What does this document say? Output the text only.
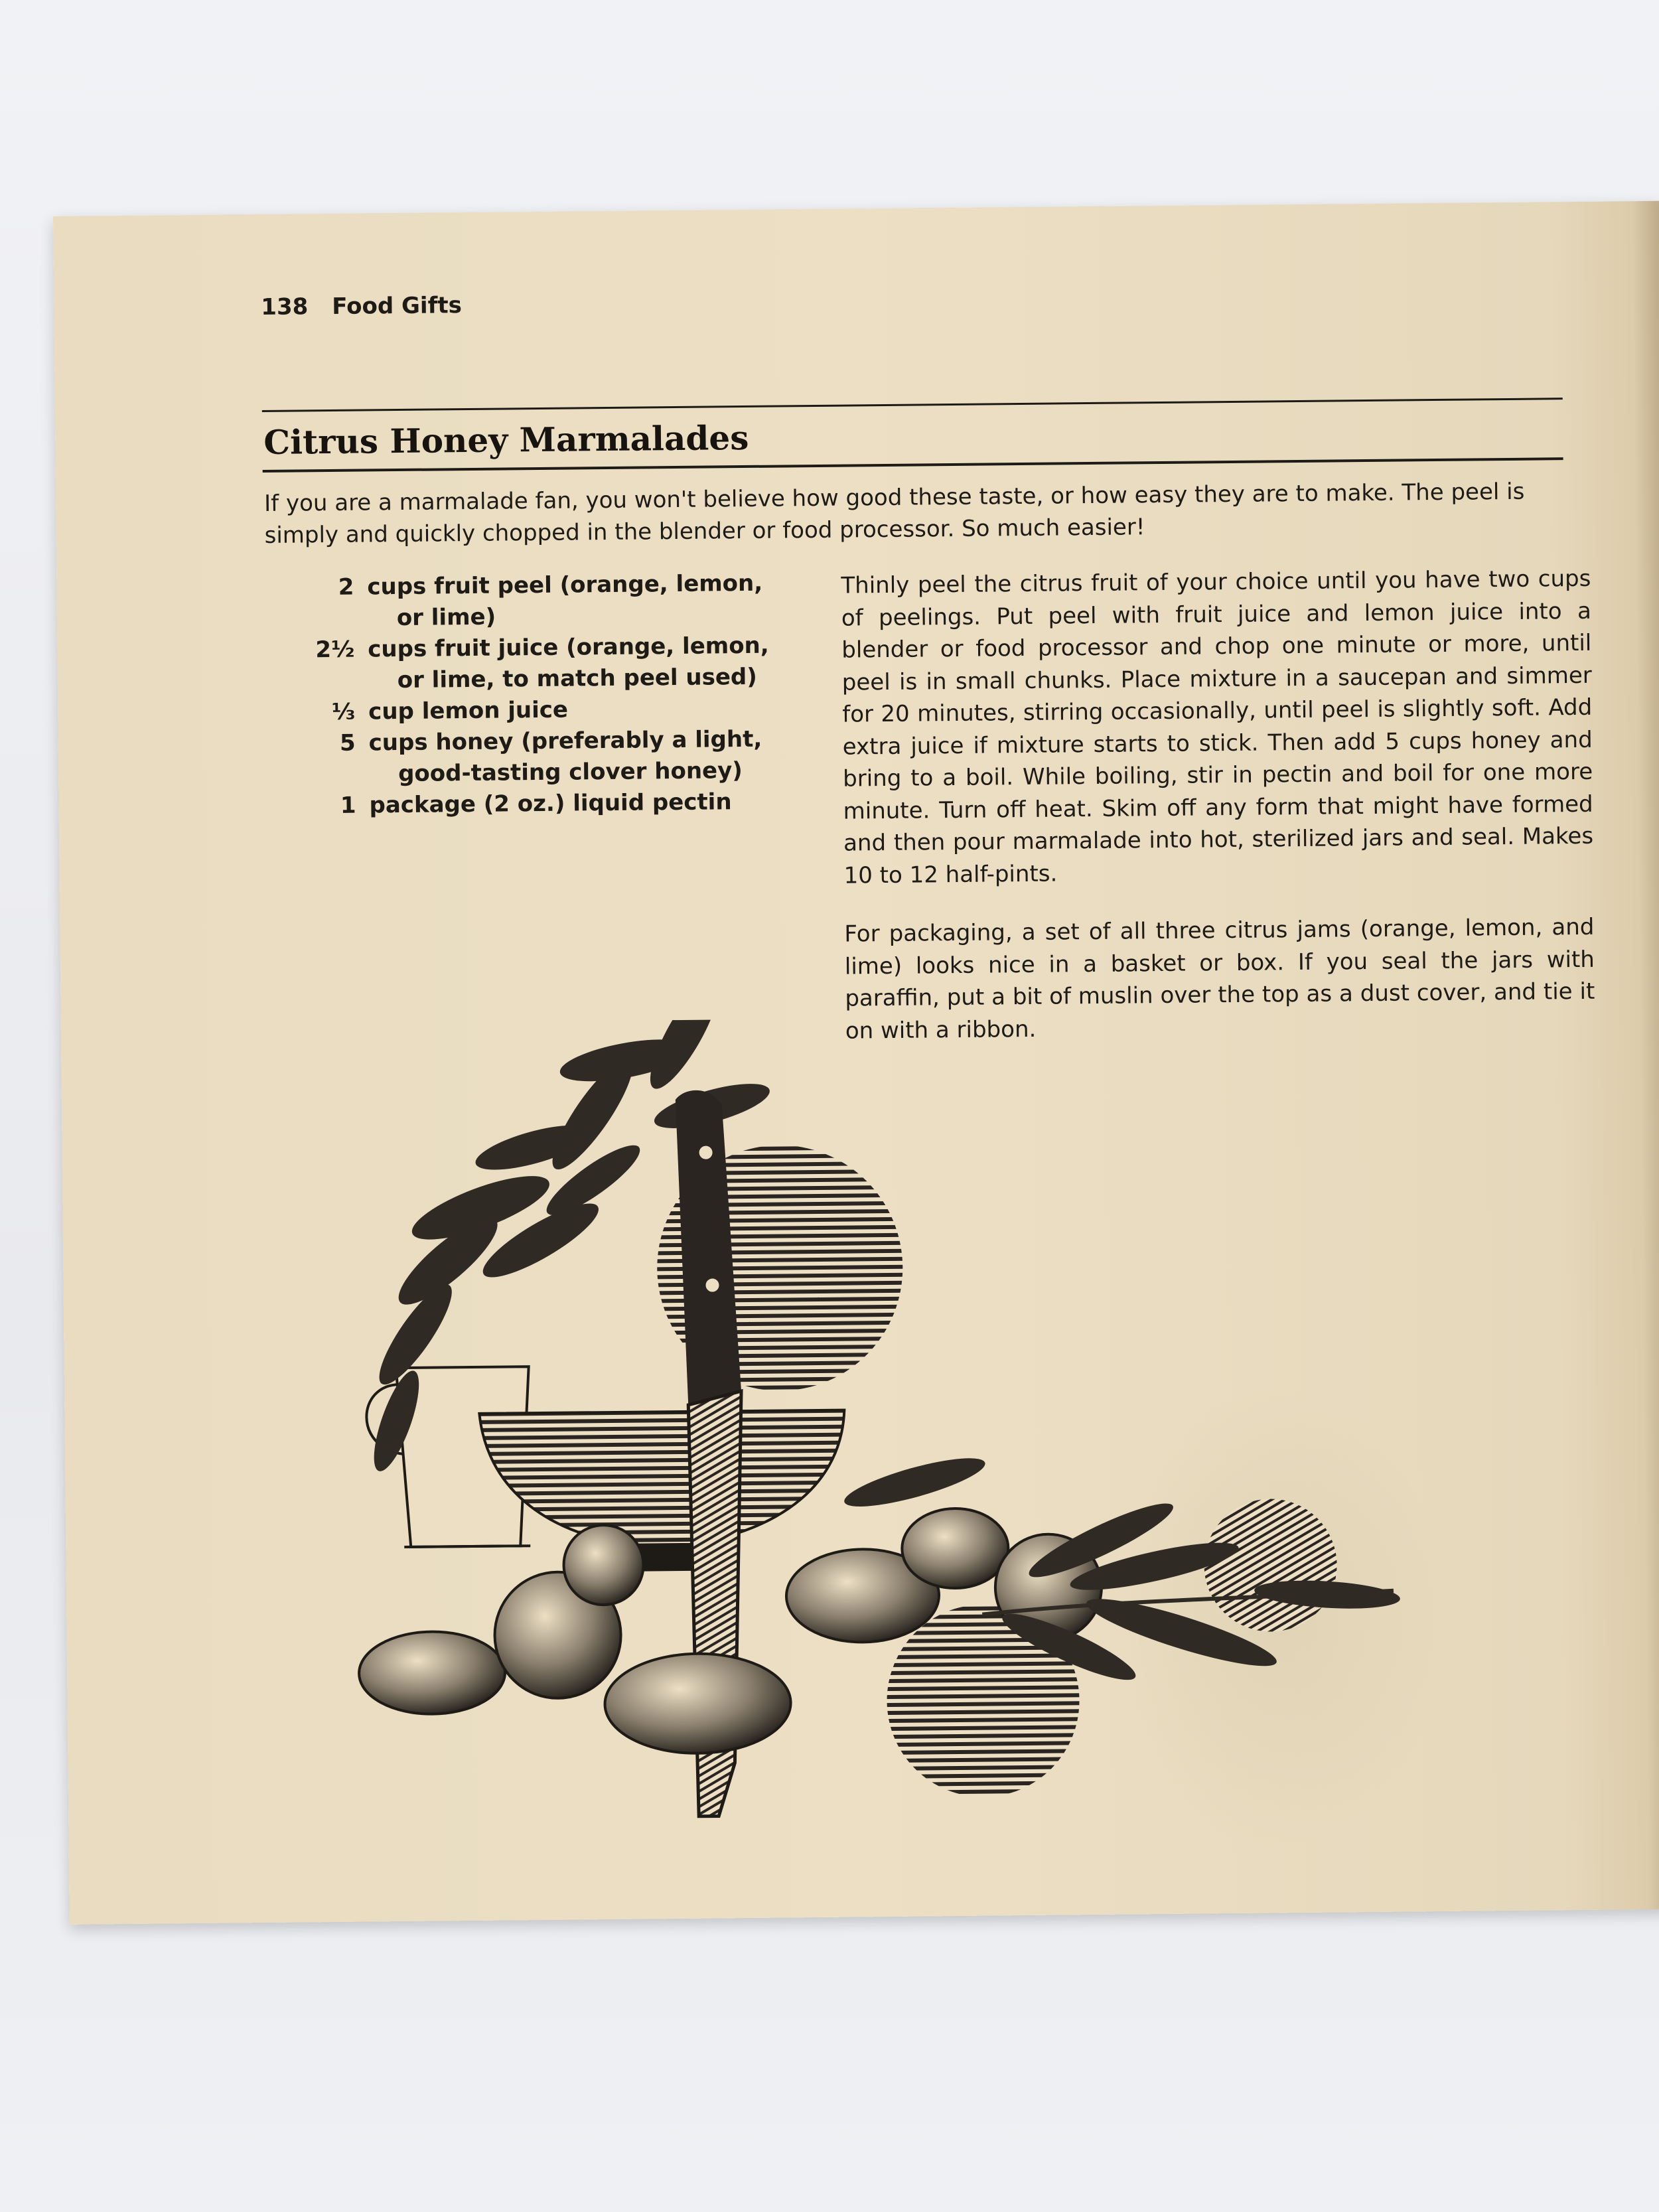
138 Food Gifts

Citrus Honey Marmalades

If you are a marmalade fan, you won't believe how good these taste, or how easy they are to make. The peel is simply and quickly chopped in the blender or food processor. So much easier!

2 cups fruit peel (orange, lemon, or lime)
2½ cups fruit juice (orange, lemon, or lime, to match peel used)
⅓ cup lemon juice
5 cups honey (preferably a light, good-tasting clover honey)
1 package (2 oz.) liquid pectin

Thinly peel the citrus fruit of your choice until you have two cups of peelings. Put peel with fruit juice and lemon juice into a blender or food processor and chop one minute or more, until peel is in small chunks. Place mixture in a saucepan and simmer for 20 minutes, stirring occasionally, until peel is slightly soft. Add extra juice if mixture starts to stick. Then add 5 cups honey and bring to a boil. While boiling, stir in pectin and boil for one more minute. Turn off heat. Skim off any form that might have formed and then pour marmalade into hot, sterilized jars and seal. Makes 10 to 12 half-pints.

For packaging, a set of all three citrus jams (orange, lemon, and lime) looks nice in a basket or box. If you seal the jars with paraffin, put a bit of muslin over the top as a dust cover, and tie it on with a ribbon.
